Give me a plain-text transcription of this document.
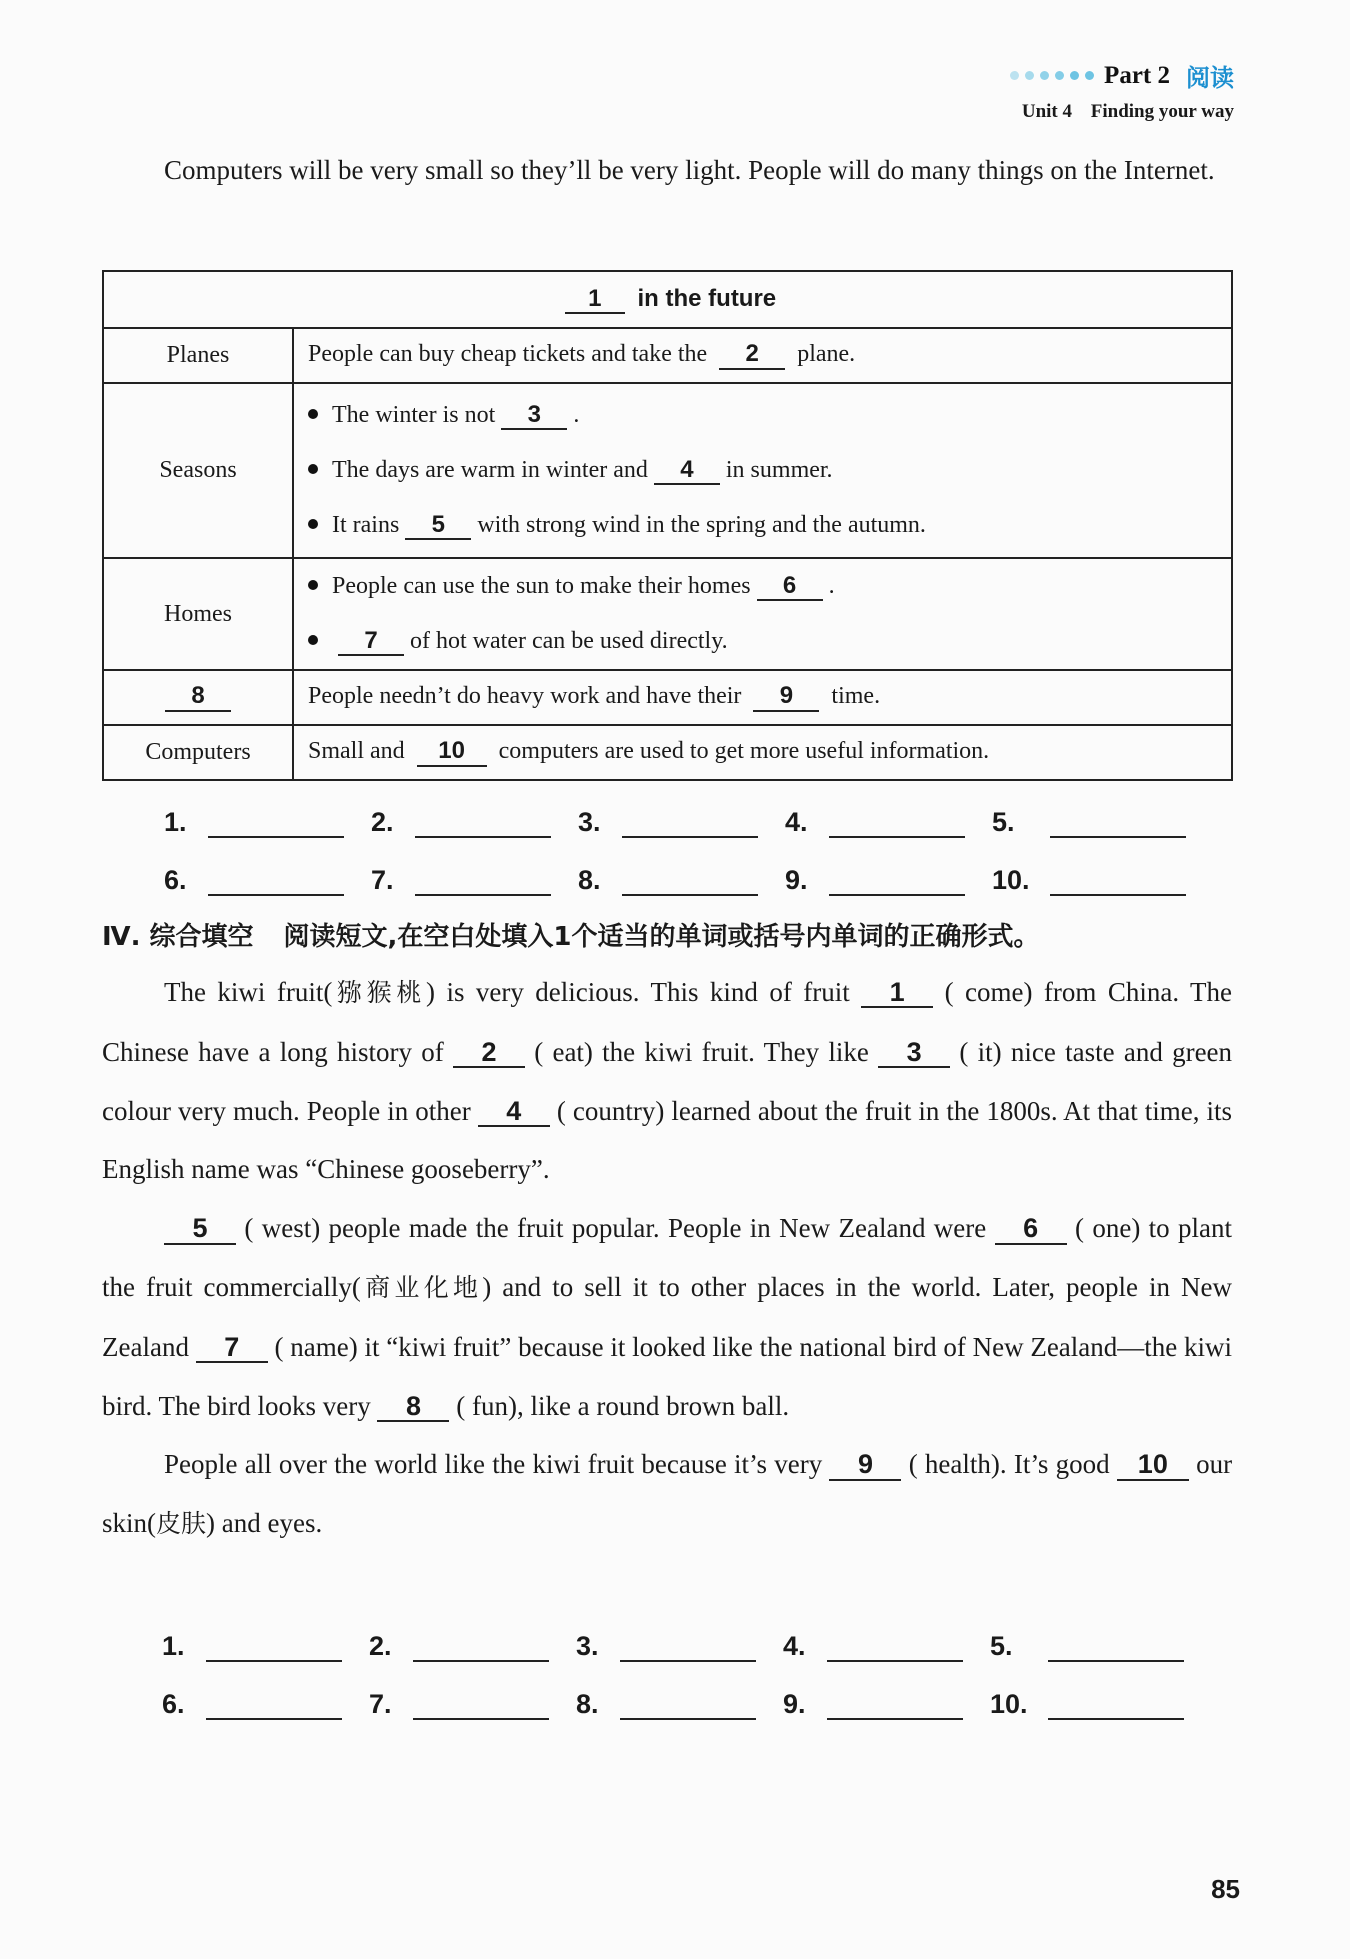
Part 2 阅读
Unit 4 Finding your way
Computers will be very small so they’ll be very light. People will do many things on the Internet.
1 in the future	
Planes	People can buy cheap tickets and take the 2 plane.
Seasons	The winter is not 3 .
The days are warm in winter and 4 in summer.
It rains 5 with strong wind in the spring and the autumn.

Homes	People can use the sun to make their homes 6 .
7 of hot water can be used directly.

8	People needn’t do heavy work and have their 9 time.
Computers	Small and 10 computers are used to get more useful information.
1.	2.	3.	4.	5.
6.	7.	8.	9.	10.
Ⅳ. 综合填空 阅读短文,在空白处填入1个适当的单词或括号内单词的正确形式。

The kiwi fruit(猕猴桃) is very delicious. This kind of fruit 1 ( come) from China. The Chinese have a long history of 2 ( eat) the kiwi fruit. They like 3 ( it) nice taste and green colour very much. People in other 4 ( country) learned about the fruit in the 1800s. At that time, its English name was “Chinese gooseberry”.

5 ( west) people made the fruit popular. People in New Zealand were 6 ( one) to plant the fruit commercially(商业化地) and to sell it to other places in the world. Later, people in New Zealand 7 ( name) it “kiwi fruit” because it looked like the national bird of New Zealand—the kiwi bird. The bird looks very 8 ( fun), like a round brown ball.

People all over the world like the kiwi fruit because it’s very 9 ( health). It’s good 10 our skin(皮肤) and eyes.

1.	2.	3.	4.	5.
6.	7.	8.	9.	10.
85
